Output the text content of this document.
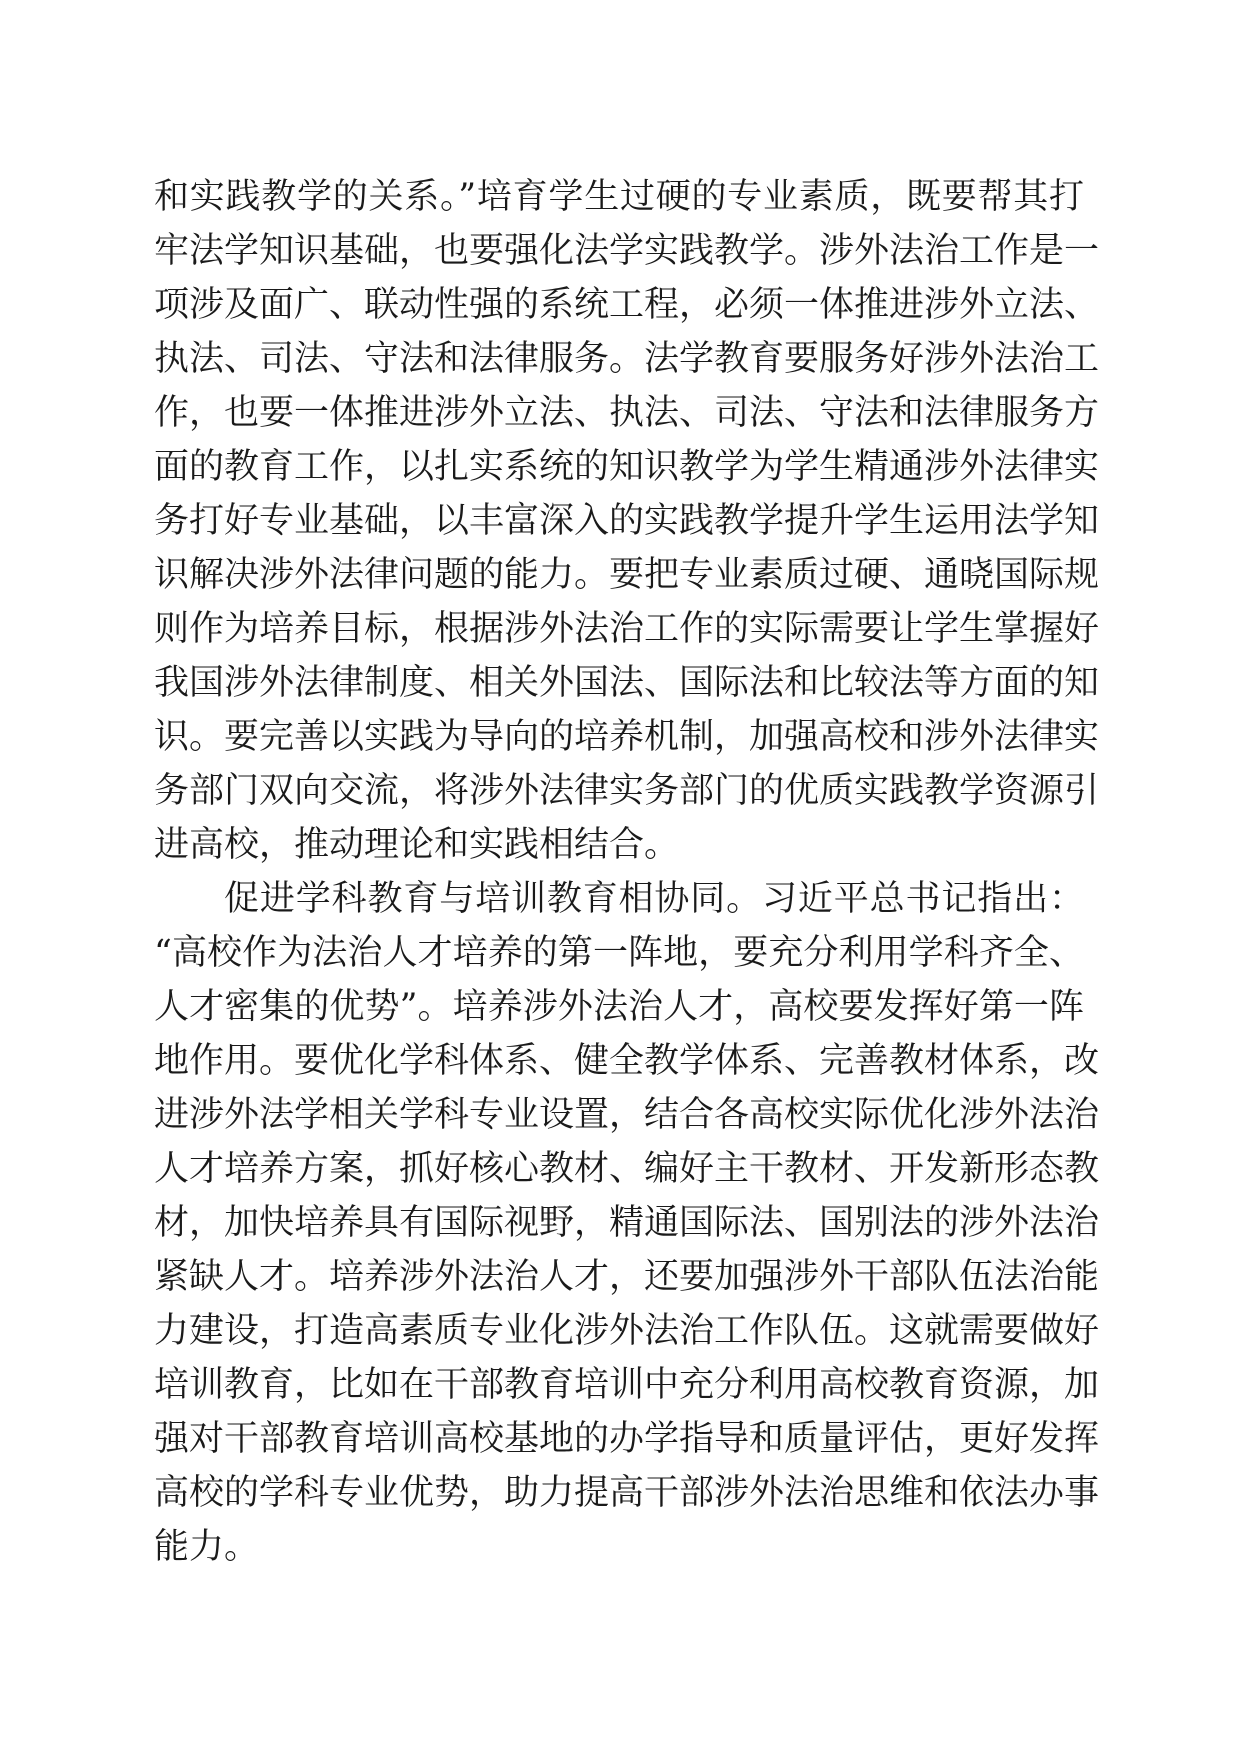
和实践教学的关系。”培育学生过硬的专业素质，既要帮其打
牢法学知识基础，也要强化法学实践教学。涉外法治工作是一
项涉及面广、联动性强的系统工程，必须一体推进涉外立法、
执法、司法、守法和法律服务。法学教育要服务好涉外法治工
作，也要一体推进涉外立法、执法、司法、守法和法律服务方
面的教育工作，以扎实系统的知识教学为学生精通涉外法律实
务打好专业基础，以丰富深入的实践教学提升学生运用法学知
识解决涉外法律问题的能力。要把专业素质过硬、通晓国际规
则作为培养目标，根据涉外法治工作的实际需要让学生掌握好
我国涉外法律制度、相关外国法、国际法和比较法等方面的知
识。要完善以实践为导向的培养机制，加强高校和涉外法律实
务部门双向交流，将涉外法律实务部门的优质实践教学资源引
进高校，推动理论和实践相结合。
促进学科教育与培训教育相协同。习近平总书记指出：
“高校作为法治人才培养的第一阵地，要充分利用学科齐全、
人才密集的优势”。培养涉外法治人才，高校要发挥好第一阵
地作用。要优化学科体系、健全教学体系、完善教材体系，改
进涉外法学相关学科专业设置，结合各高校实际优化涉外法治
人才培养方案，抓好核心教材、编好主干教材、开发新形态教
材，加快培养具有国际视野，精通国际法、国别法的涉外法治
紧缺人才。培养涉外法治人才，还要加强涉外干部队伍法治能
力建设，打造高素质专业化涉外法治工作队伍。这就需要做好
培训教育，比如在干部教育培训中充分利用高校教育资源，加
强对干部教育培训高校基地的办学指导和质量评估，更好发挥
高校的学科专业优势，助力提高干部涉外法治思维和依法办事
能力。
